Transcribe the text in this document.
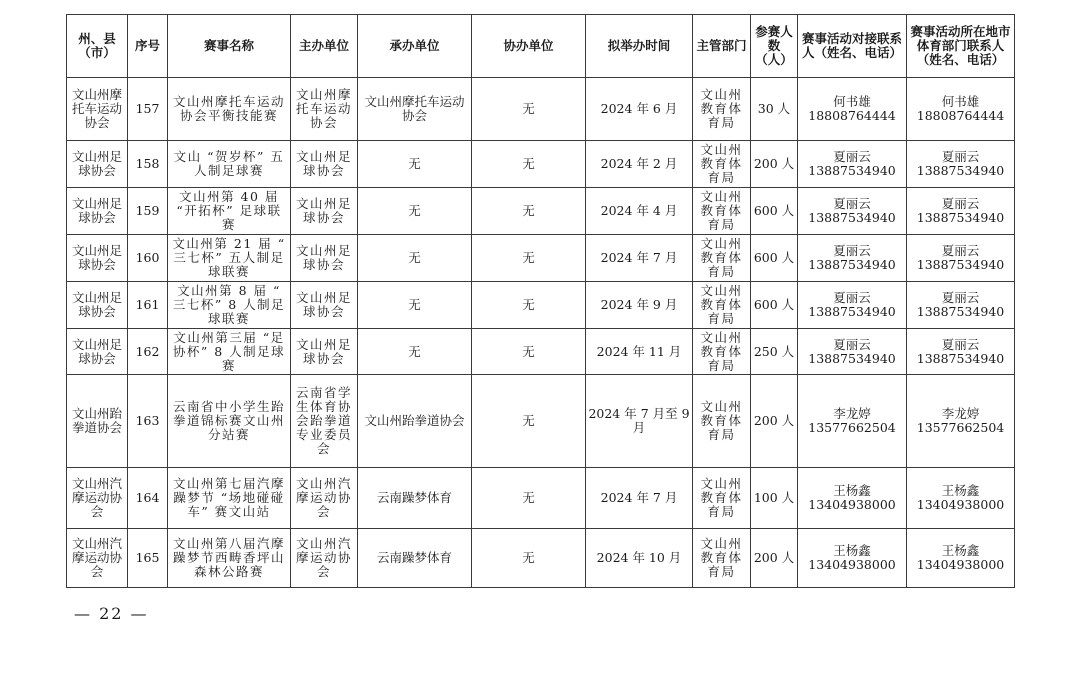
州、县（市）	序号	赛事名称	主办单位	承办单位	协办单位	拟举办时间	主管部门	参赛人数（人）	赛事活动对接联系人（姓名、电话）	赛事活动所在地市体育部门联系人（姓名、电话）
文山州摩托车运动协会	157	文山州摩托车运动协会平衡技能赛	文山州摩托车运动协会	文山州摩托车运动协会	无	2024 年 6 月	文山州教育体育局	30 人	何书雄 18808764444	何书雄 18808764444
文山州足球协会	158	文山 “贺岁杯” 五人制足球赛	文山州足球协会	无	无	2024 年 2 月	文山州教育体育局	200 人	夏丽云 13887534940	夏丽云 13887534940
文山州足球协会	159	文山州第 40 届 “开拓杯” 足球联赛	文山州足球协会	无	无	2024 年 4 月	文山州教育体育局	600 人	夏丽云 13887534940	夏丽云 13887534940
文山州足球协会	160	文山州第 21 届 “ 三七杯” 五人制足球联赛	文山州足球协会	无	无	2024 年 7 月	文山州教育体育局	600 人	夏丽云 13887534940	夏丽云 13887534940
文山州足球协会	161	文山州第 8 届 “ 三七杯” 8 人制足球联赛	文山州足球协会	无	无	2024 年 9 月	文山州教育体育局	600 人	夏丽云 13887534940	夏丽云 13887534940
文山州足球协会	162	文山州第三届 “足协杯” 8 人制足球赛	文山州足球协会	无	无	2024 年 11 月	文山州教育体育局	250 人	夏丽云 13887534940	夏丽云 13887534940
文山州跆拳道协会	163	云南省中小学生跆拳道锦标赛文山州分站赛	云南省学生体育协会跆拳道专业委员会	文山州跆拳道协会	无	2024 年 7 月至 9 月	文山州教育体育局	200 人	李龙婷 13577662504	李龙婷 13577662504
文山州汽摩运动协会	164	文山州第七届汽摩躁梦节 “场地碰碰车” 赛文山站	文山州汽摩运动协会	云南躁梦体育	无	2024 年 7 月	文山州教育体育局	100 人	王杨鑫 13404938000	王杨鑫 13404938000
文山州汽摩运动协会	165	文山州第八届汽摩躁梦节西畴香坪山森林公路赛	文山州汽摩运动协会	云南躁梦体育	无	2024 年 10 月	文山州教育体育局	200 人	王杨鑫 13404938000	王杨鑫 13404938000
— 22 —
